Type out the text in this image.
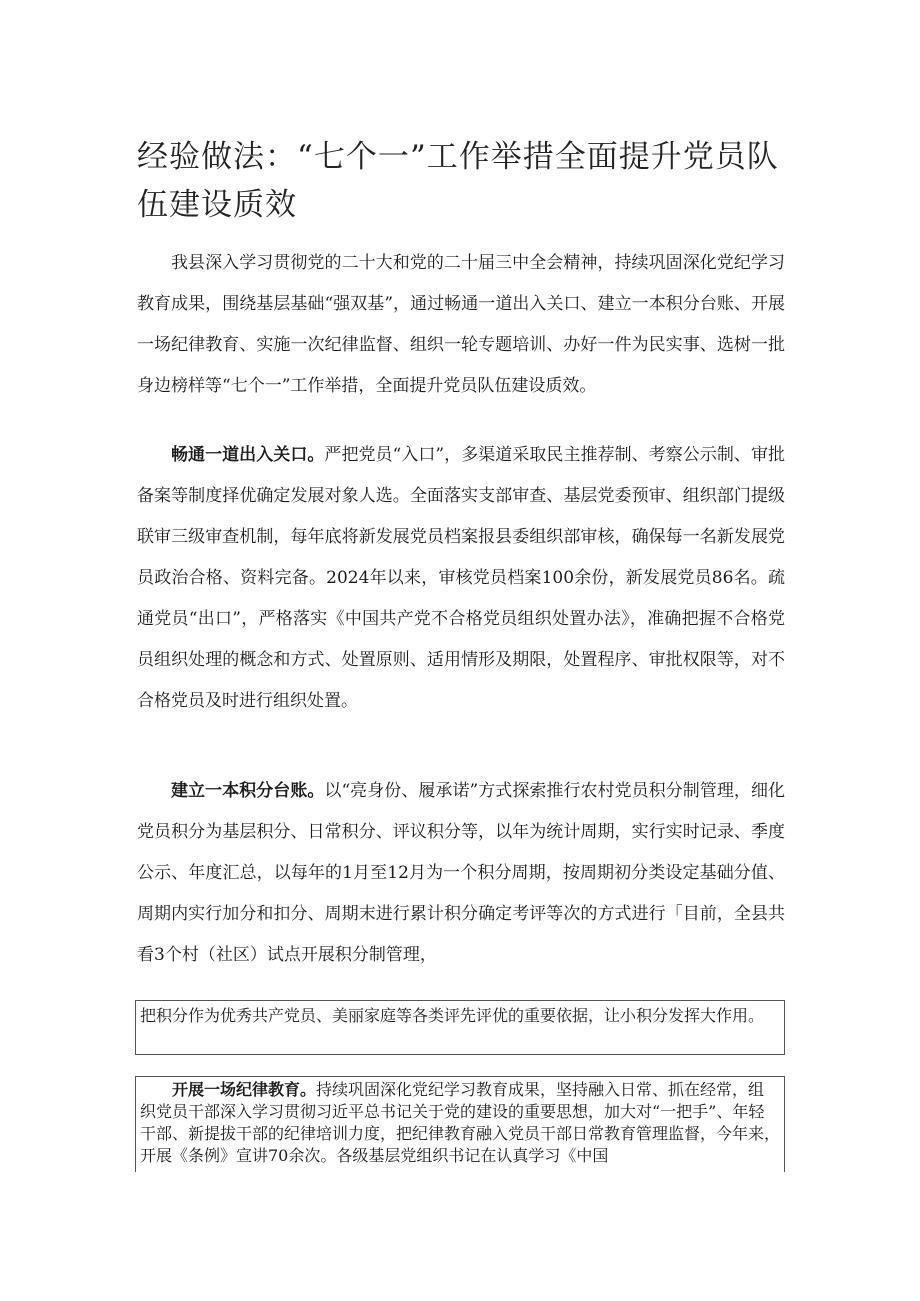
经验做法：“七个一”工作举措全面提升党员队伍建设质效

我县深入学习贯彻党的二十大和党的二十届三中全会精神，持续巩固深化党纪学习教育成果，围绕基层基础“强双基”，通过畅通一道出入关口、建立一本积分台账、开展一场纪律教育、实施一次纪律监督、组织一轮专题培训、办好一件为民实事、选树一批身边榜样等“七个一”工作举措，全面提升党员队伍建设质效。

畅通一道出入关口。严把党员“入口”，多渠道采取民主推荐制、考察公示制、审批备案等制度择优确定发展对象人选。全面落实支部审查、基层党委预审、组织部门提级联审三级审查机制，每年底将新发展党员档案报县委组织部审核，确保每一名新发展党员政治合格、资料完备。2024年以来，审核党员档案100余份，新发展党员86名。疏通党员“出口”，严格落实《中国共产党不合格党员组织处置办法》，准确把握不合格党员组织处理的概念和方式、处置原则、适用情形及期限，处置程序、审批权限等，对不合格党员及时进行组织处置。

建立一本积分台账。以“亮身份、履承诺”方式探索推行农村党员积分制管理，细化党员积分为基层积分、日常积分、评议积分等，以年为统计周期，实行实时记录、季度公示、年度汇总，以每年的1月至12月为一个积分周期，按周期初分类设定基础分值、周期内实行加分和扣分、周期末进行累计积分确定考评等次的方式进行「目前，全县共看3个村（社区）试点开展积分制管理，

把积分作为优秀共产党员、美丽家庭等各类评先评优的重要依据，让小积分发挥大作用。
开展一场纪律教育。持续巩固深化党纪学习教育成果，坚持融入日常、抓在经常，组织党员干部深入学习贯彻习近平总书记关于党的建设的重要思想，加大对“一把手”、年轻干部、新提拔干部的纪律培训力度，把纪律教育融入党员干部日常教育管理监督，今年来，开展《条例》宣讲70余次。各级基层党组织书记在认真学习《中国
